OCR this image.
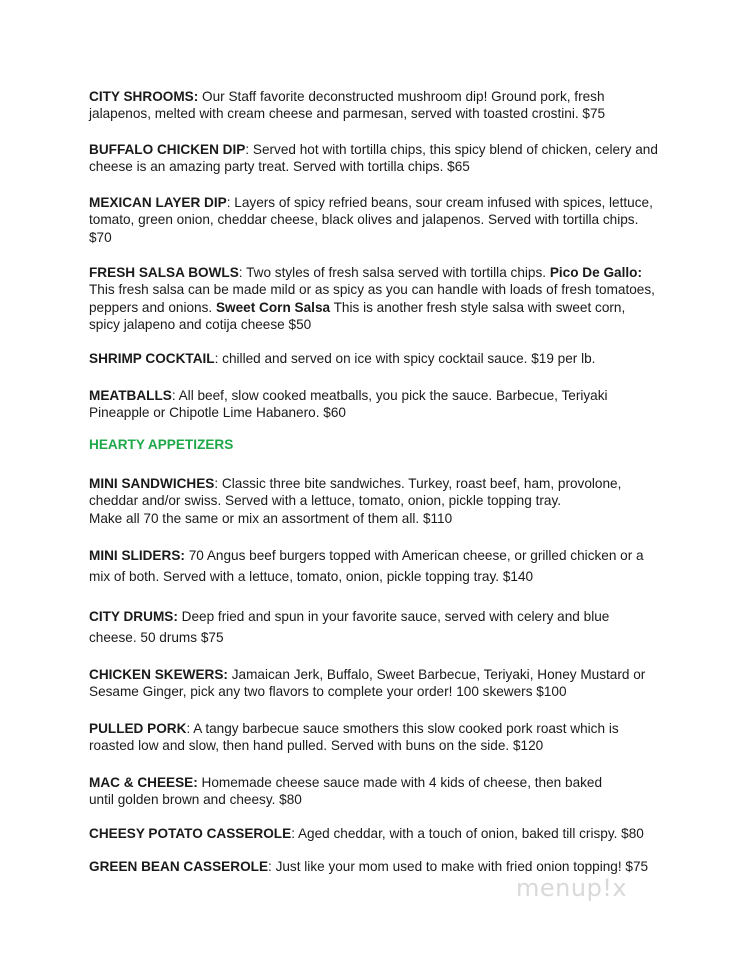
CITY SHROOMS: Our Staff favorite deconstructed mushroom dip! Ground pork, fresh jalapenos, melted with cream cheese and parmesan, served with toasted crostini. $75

BUFFALO CHICKEN DIP: Served hot with tortilla chips, this spicy blend of chicken, celery and cheese is an amazing party treat. Served with tortilla chips. $65

MEXICAN LAYER DIP: Layers of spicy refried beans, sour cream infused with spices, lettuce, tomato, green onion, cheddar cheese, black olives and jalapenos. Served with tortilla chips. $70

FRESH SALSA BOWLS: Two styles of fresh salsa served with tortilla chips. Pico De Gallo: This fresh salsa can be made mild or as spicy as you can handle with loads of fresh tomatoes, peppers and onions. Sweet Corn Salsa This is another fresh style salsa with sweet corn, spicy jalapeno and cotija cheese $50

SHRIMP COCKTAIL: chilled and served on ice with spicy cocktail sauce. $19 per lb.

MEATBALLS: All beef, slow cooked meatballs, you pick the sauce. Barbecue, Teriyaki Pineapple or Chipotle Lime Habanero. $60

HEARTY APPETIZERS

MINI SANDWICHES: Classic three bite sandwiches. Turkey, roast beef, ham, provolone, cheddar and/or swiss. Served with a lettuce, tomato, onion, pickle topping tray.
Make all 70 the same or mix an assortment of them all. $110

MINI SLIDERS: 70 Angus beef burgers topped with American cheese, or grilled chicken or a mix of both. Served with a lettuce, tomato, onion, pickle topping tray. $140

CITY DRUMS: Deep fried and spun in your favorite sauce, served with celery and blue cheese. 50 drums $75

CHICKEN SKEWERS: Jamaican Jerk, Buffalo, Sweet Barbecue, Teriyaki, Honey Mustard or Sesame Ginger, pick any two flavors to complete your order! 100 skewers $100

PULLED PORK: A tangy barbecue sauce smothers this slow cooked pork roast which is roasted low and slow, then hand pulled. Served with buns on the side. $120

MAC & CHEESE: Homemade cheese sauce made with 4 kids of cheese, then baked until golden brown and cheesy. $80

CHEESY POTATO CASSEROLE: Aged cheddar, with a touch of onion, baked till crispy. $80

GREEN BEAN CASSEROLE: Just like your mom used to make with fried onion topping! $75

menup!x
